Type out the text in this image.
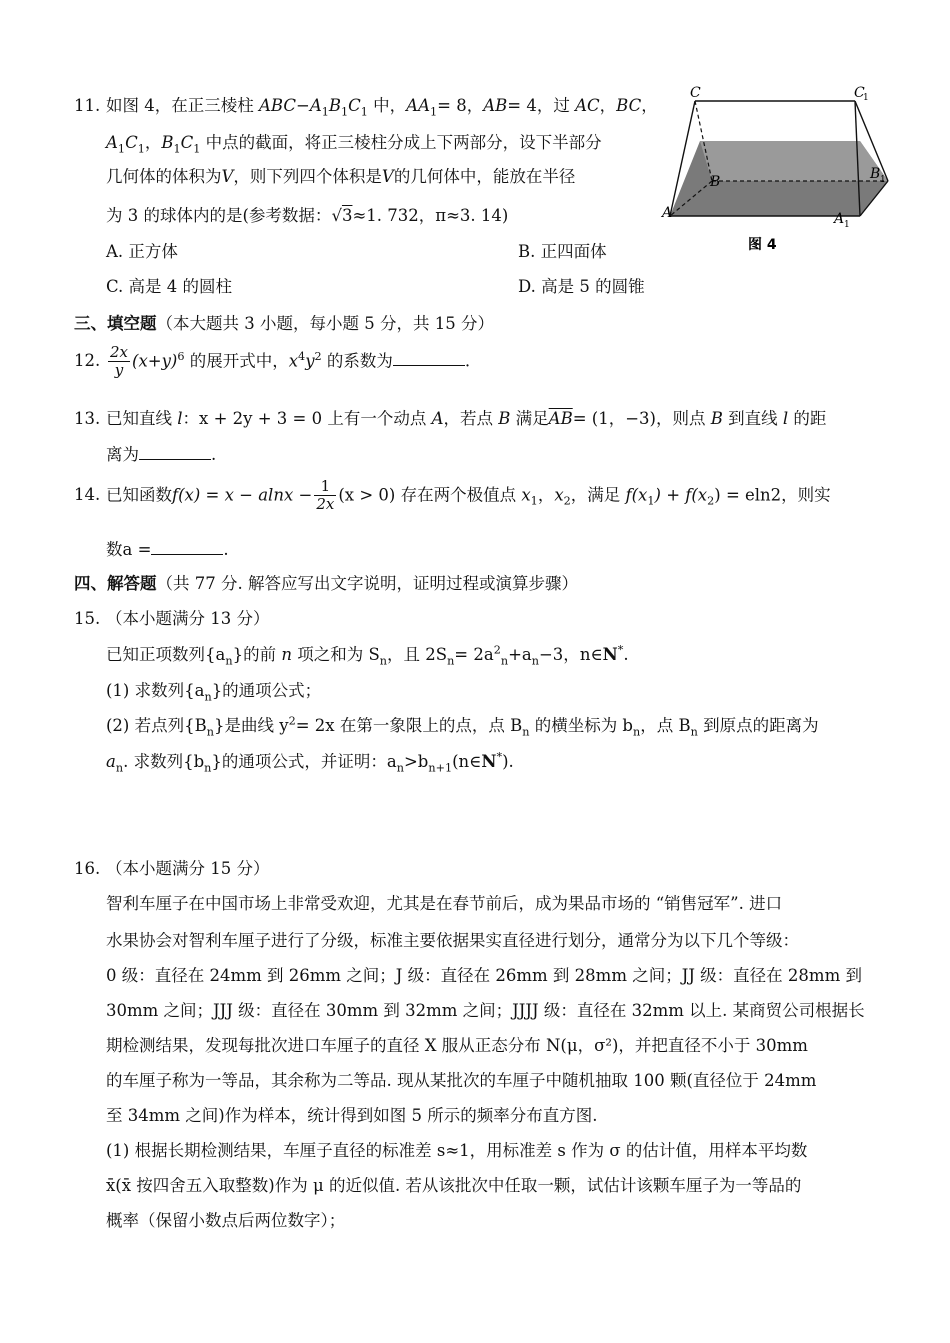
11. 如图 4，在正三棱柱 $ABC-A_1B_1C_1$ 中，$AA_1= 8$，AB= 4，过 AC，BC，
$A_1C_1$，$B_1C_1$ 中点的截面，将正三棱柱分成上下两部分，设下半部分
几何体的体积为V，则下列四个体积是V的几何体中，能放在半径
为 3 的球体内的是(参考数据：√3≈1. 732，π≈3. 14)
A. 正方体	B. 正四面体
C. 高是 4 的圆柱	D. 高是 5 的圆锥
C	C
1
B	B 1
A	A 1
图 4
三、填空题（本大题共 3 小题，每小题 5 分，共 15 分）
12. $\frac{2x}{y} (x+y)^6$ 的展开式中，$x^4y^2$ 的系数为	.
13. 已知直线 l：x + 2y + 3 = 0 上有一个动点 A，若点 B 满足$\overline{AB}= (1$，−3)，则点 B 到直线 l 的距
离为	.
14. 已知函数$f(x) = x - alnx - \frac{1}{2x} (x > 0)$ 存在两个极值点 $x_1$，$x_2$，满足 $f(x_1) + f(x_2) = eln2$，则实
数a =	.
四、解答题（共 77 分. 解答应写出文字说明，证明过程或演算步骤）
15. （本小题满分 13 分）
已知正项数列$\{a_n\}$的前 n 项之和为 $S_n$，且 $2S_n= 2a^2_n+a_n-3$，n∈N*.
(1) 求数列$\{a_n\}$的通项公式；
(2) 若点列$\{B_n\}$是曲线 $y^2= 2x$ 在第一象限上的点，点 $B_n$ 的横坐标为 $b_n$，点 $B_n$ 到原点的距离为
$a_n$. 求数列$\{b_n\}$的通项公式，并证明：$a_n>b_{n+1}(n\in N^*)$.
16. （本小题满分 15 分）
智利车厘子在中国市场上非常受欢迎，尤其是在春节前后，成为果品市场的 “销售冠军”. 进口
水果协会对智利车厘子进行了分级，标准主要依据果实直径进行划分，通常分为以下几个等级：
0 级：直径在 24mm 到 26mm 之间；J 级：直径在 26mm 到 28mm 之间；JJ 级：直径在 28mm 到
30mm 之间；JJJ 级：直径在 30mm 到 32mm 之间；JJJJ 级：直径在 32mm 以上. 某商贸公司根据长
期检测结果，发现每批次进口车厘子的直径 X 服从正态分布 N(μ，σ²)，并把直径不小于 30mm
的车厘子称为一等品，其余称为二等品. 现从某批次的车厘子中随机抽取 100 颗(直径位于 24mm
至 34mm 之间)作为样本，统计得到如图 5 所示的频率分布直方图.
(1) 根据长期检测结果，车厘子直径的标准差 s≈1，用标准差 s 作为 σ 的估计值，用样本平均数
x̄(x̄ 按四舍五入取整数)作为 μ 的近似值. 若从该批次中任取一颗，试估计该颗车厘子为一等品的
概率（保留小数点后两位数字）；
